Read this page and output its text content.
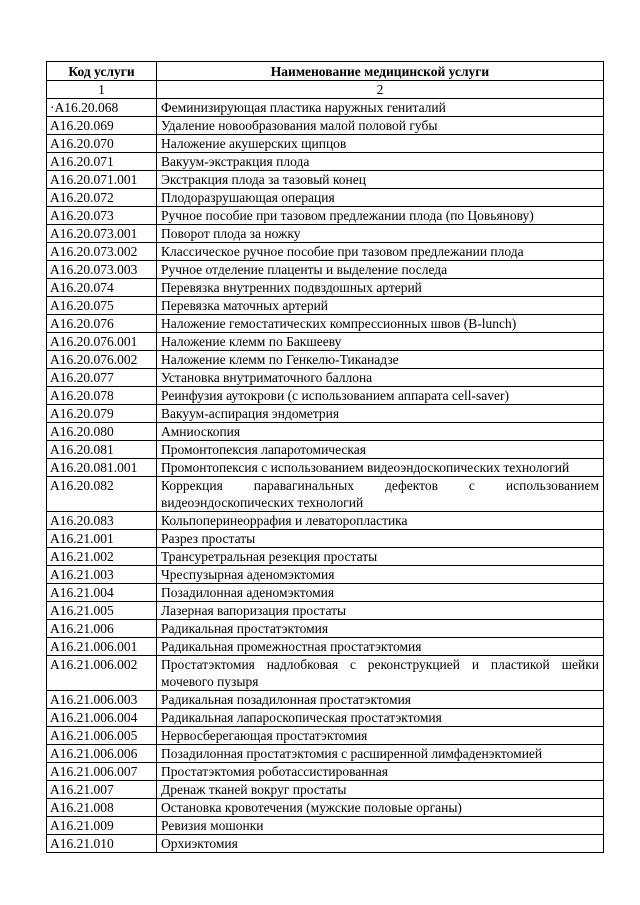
Код услуги	Наименование медицинской услуги
1	2
·A16.20.068	Феминизирующая пластика наружных гениталий
A16.20.069	Удаление новообразования малой половой губы
A16.20.070	Наложение акушерских щипцов
A16.20.071	Вакуум-экстракция плода
A16.20.071.001	Экстракция плода за тазовый конец
A16.20.072	Плодоразрушающая операция
A16.20.073	Ручное пособие при тазовом предлежании плода (по Цовьянову)
A16.20.073.001	Поворот плода за ножку
A16.20.073.002	Классическое ручное пособие при тазовом предлежании плода
A16.20.073.003	Ручное отделение плаценты и выделение последа
A16.20.074	Перевязка внутренних подвздошных артерий
A16.20.075	Перевязка маточных артерий
A16.20.076	Наложение гемостатических компрессионных швов (B-lunch)
A16.20.076.001	Наложение клемм по Бакшееву
A16.20.076.002	Наложение клемм по Генкелю-Тиканадзе
A16.20.077	Установка внутриматочного баллона
A16.20.078	Реинфузия аутокрови (с использованием аппарата cell-saver)
A16.20.079	Вакуум-аспирация эндометрия
A16.20.080	Амниоскопия
A16.20.081	Промонтопексия лапаротомическая
A16.20.081.001	Промонтопексия с использованием видеоэндоскопических технологий
A16.20.082	Коррекция паравагинальных дефектов с использованием видеоэндоскопических технологий
A16.20.083	Кольпоперинеоррафия и леваторопластика
A16.21.001	Разрез простаты
A16.21.002	Трансуретральная резекция простаты
A16.21.003	Чреспузырная аденомэктомия
A16.21.004	Позадилонная аденомэктомия
A16.21.005	Лазерная вапоризация простаты
A16.21.006	Радикальная простатэктомия
A16.21.006.001	Радикальная промежностная простатэктомия
A16.21.006.002	Простатэктомия надлобковая с реконструкцией и пластикой шейки мочевого пузыря
A16.21.006.003	Радикальная позадилонная простатэктомия
A16.21.006.004	Радикальная лапароскопическая простатэктомия
A16.21.006.005	Нервосберегающая простатэктомия
A16.21.006.006	Позадилонная простатэктомия с расширенной лимфаденэктомией
A16.21.006.007	Простатэктомия роботассистированная
A16.21.007	Дренаж тканей вокруг простаты
A16.21.008	Остановка кровотечения (мужские половые органы)
A16.21.009	Ревизия мошонки
A16.21.010	Орхиэктомия
